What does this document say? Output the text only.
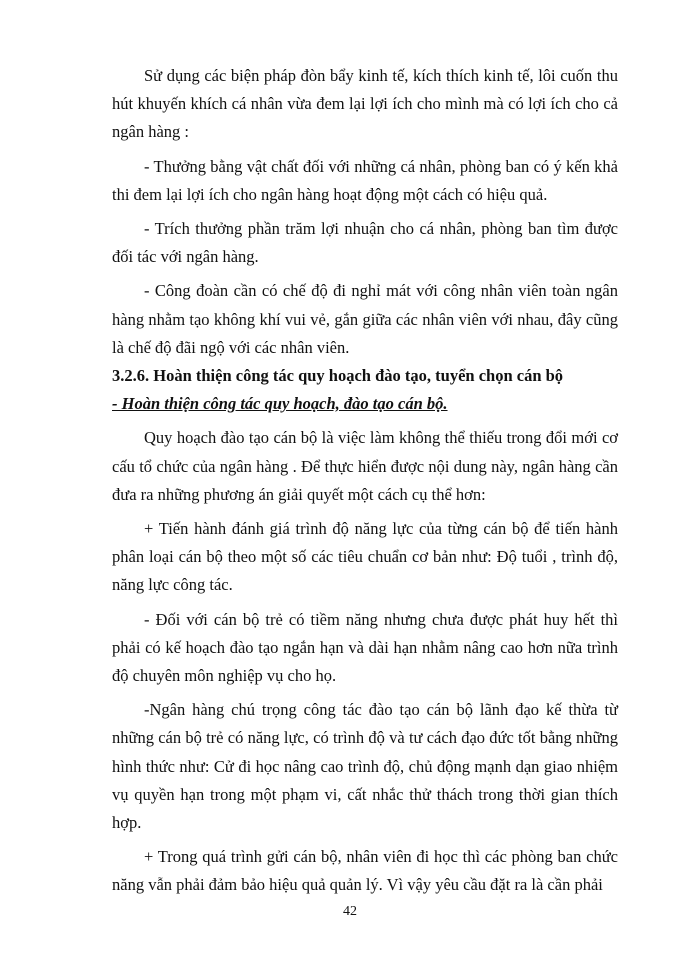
Sử dụng các biện pháp đòn bẩy kinh tế, kích thích kinh tế, lôi cuốn thu hút khuyến khích cá nhân vừa đem lại lợi ích cho mình mà có lợi ích cho cả ngân hàng :

- Thưởng bằng vật chất đối với những cá nhân, phòng ban có ý kến khả thi đem lại lợi ích cho ngân hàng hoạt động một cách có hiệu quả.

- Trích thưởng phần trăm lợi nhuận cho cá nhân, phòng ban tìm được đối tác với ngân hàng.

- Công đoàn cần có chế độ đi nghỉ mát với công nhân viên toàn ngân hàng nhằm tạo không khí vui vẻ, gắn giữa các nhân viên với nhau, đây cũng là chế độ đãi ngộ với các nhân viên.

3.2.6. Hoàn thiện công tác quy hoạch đào tạo, tuyển chọn cán bộ

- Hoàn thiện công tác quy hoạch, đào tạo cán bộ.

Quy hoạch đào tạo cán bộ là việc làm không thể thiếu trong đổi mới cơ cấu tổ chức của ngân hàng . Để thực hiển được nội dung này, ngân hàng cần đưa ra những phương án giải quyết một cách cụ thể hơn:

+ Tiến hành đánh giá trình độ năng lực của từng cán bộ để tiến hành phân loại cán bộ theo một số các tiêu chuẩn cơ bản như: Độ tuổi , trình độ, năng lực công tác.

- Đối với cán bộ trẻ có tiềm năng nhưng chưa được phát huy hết thì phải có kế hoạch đào tạo ngắn hạn và dài hạn nhằm nâng cao hơn nữa trình độ chuyên môn nghiệp vụ cho họ.

-Ngân hàng chú trọng công tác đào tạo cán bộ lãnh đạo kế thừa từ những cán bộ trẻ có năng lực, có trình độ và tư cách đạo đức tốt bằng những hình thức như: Cử đi học nâng cao trình độ, chủ động mạnh dạn giao nhiệm vụ quyền hạn trong một phạm vi, cất nhắc thử thách trong thời gian thích hợp.

+ Trong quá trình gửi cán bộ, nhân viên đi học thì các phòng ban chức năng vẫn phải đảm bảo hiệu quả quản lý. Vì vậy yêu cầu đặt ra là cần phải

42
